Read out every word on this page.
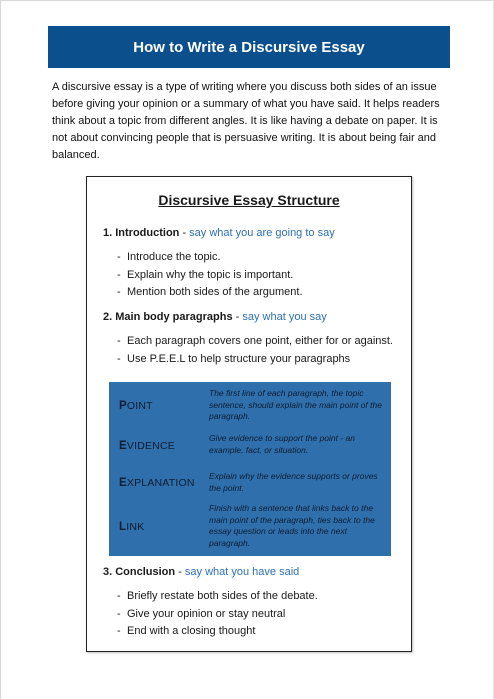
How to Write a Discursive Essay

A discursive essay is a type of writing where you discuss both sides of an issue before giving your opinion or a summary of what you have said. It helps readers think about a topic from different angles. It is like having a debate on paper. It is not about convincing people that is persuasive writing. It is about being fair and balanced.

Discursive Essay Structure
1. Introduction - say what you are going to say
- Introduce the topic.
- Explain why the topic is important.
- Mention both sides of the argument.
2. Main body paragraphs - say what you say
- Each paragraph covers one point, either for or against.
- Use P.E.E.L to help structure your paragraphs
POINT
The first line of each paragraph, the topic sentence, should explain the main point of the paragraph.
EVIDENCE
Give evidence to support the point - an example, fact, or situation.
EXPLANATION
Explain why the evidence supports or proves the point.
LINK
Finish with a sentence that links back to the main point of the paragraph, ties back to the essay question or leads into the next paragraph.
3. Conclusion - say what you have said
- Briefly restate both sides of the debate.
- Give your opinion or stay neutral
- End with a closing thought
